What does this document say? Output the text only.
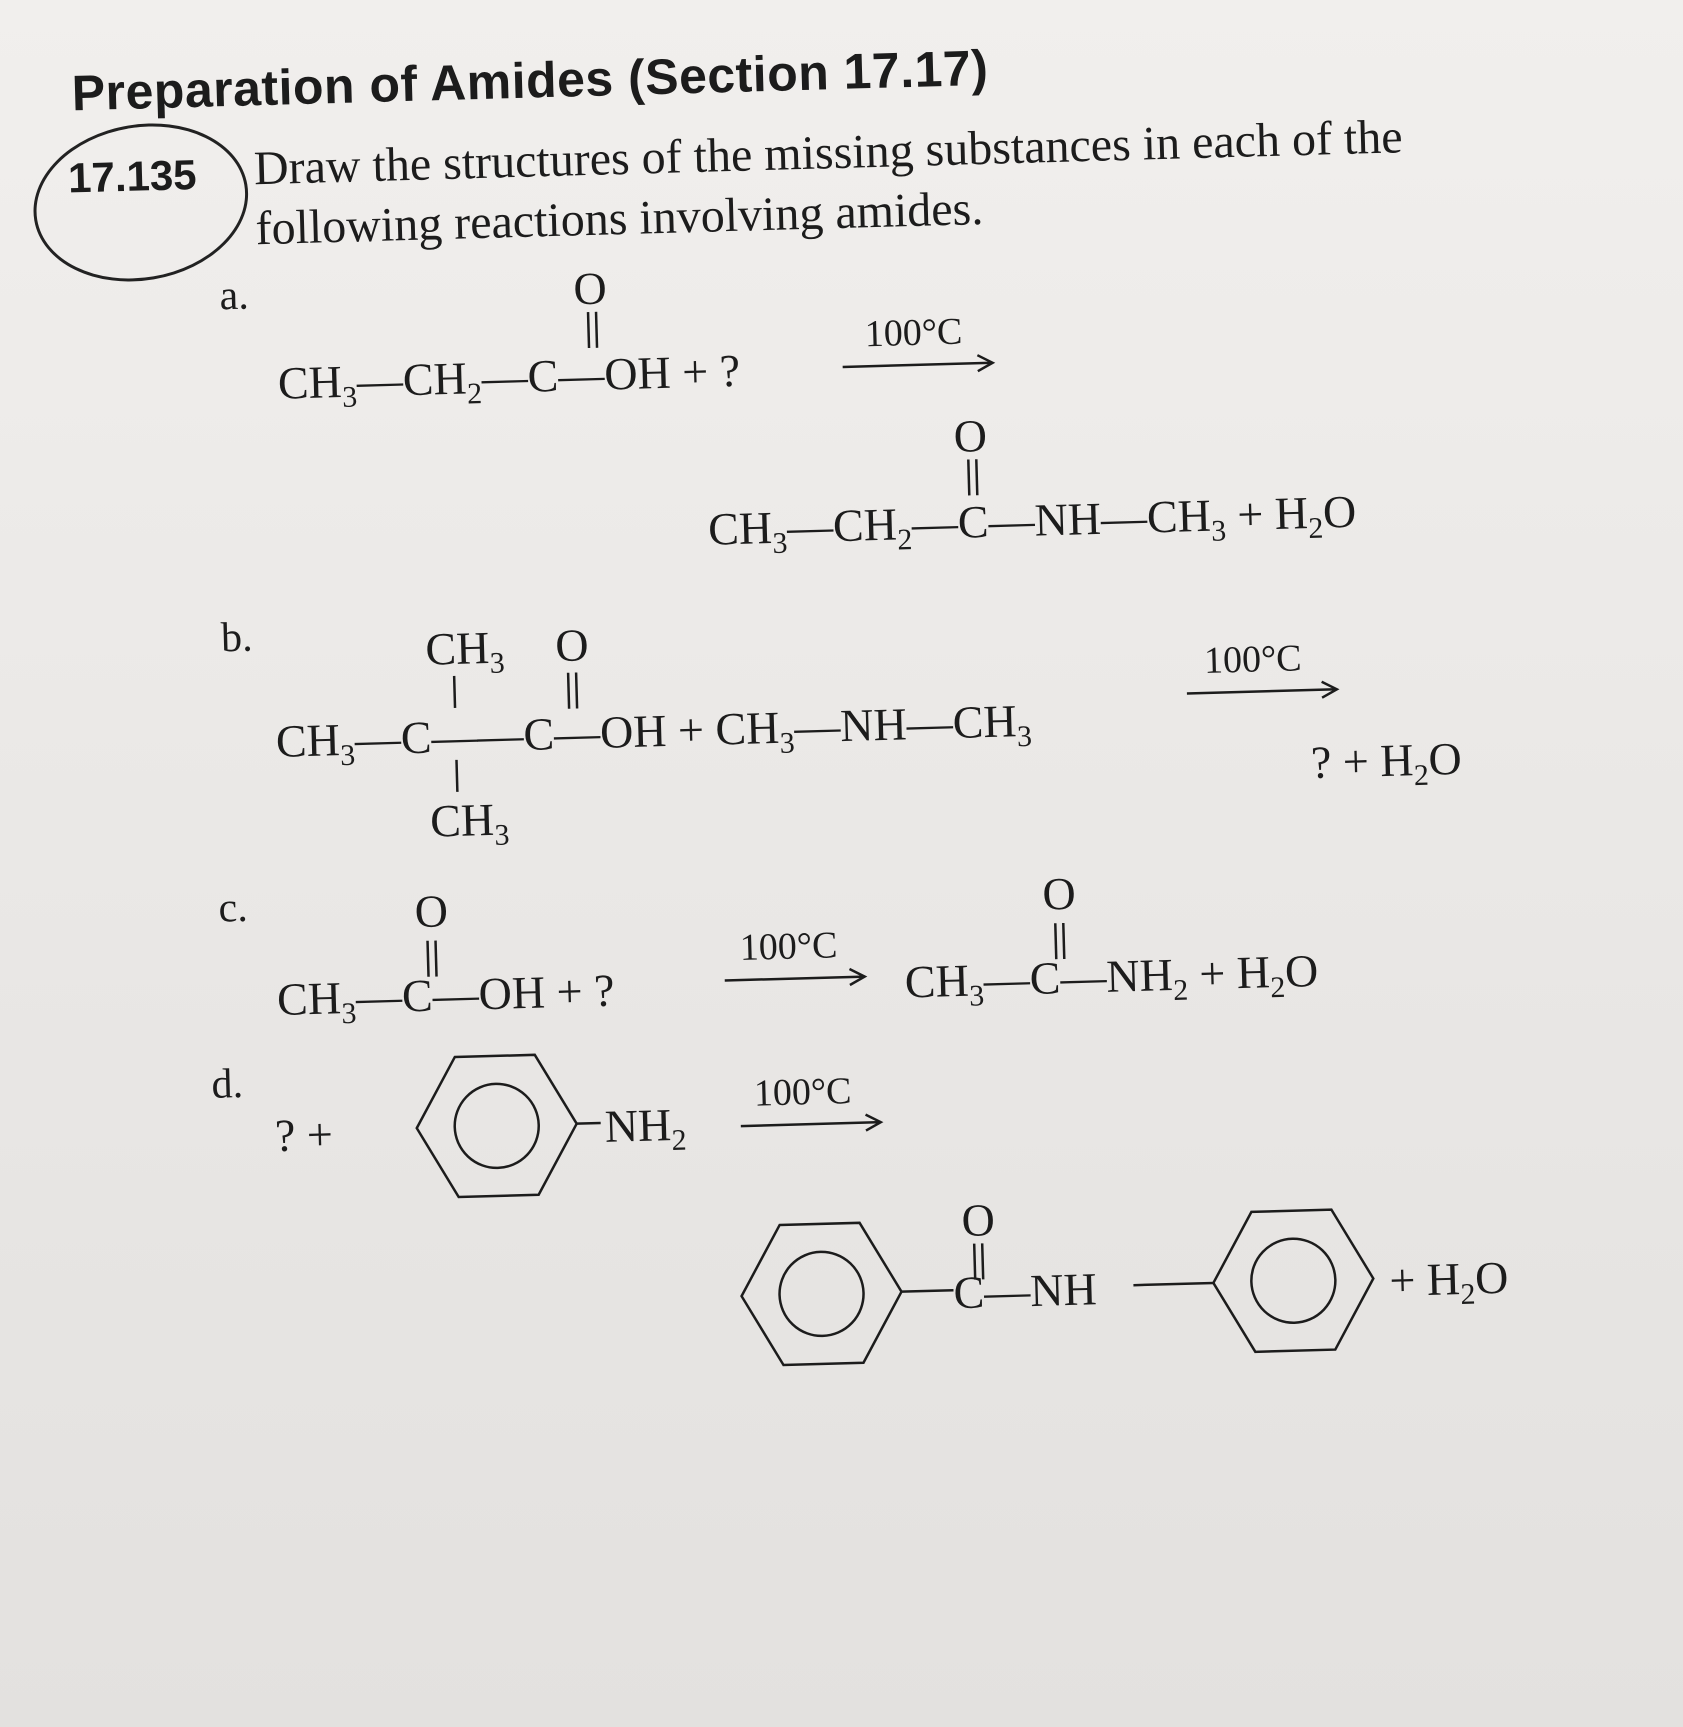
Preparation of Amides (Section 17.17)
17.135 Draw the structures of the missing substances in each of the following reactions involving amides.
a.
b.
c.
d.
O
$CH_3—CH_2—C—OH$ + ?
100°C
O
$CH_3—CH_2—C—NH—CH_3 + H_2O$
$CH_3$ O
$CH_3—C——C—OH$ + $CH_3—NH—CH_3$
$CH_3$
100°C
? + $H_2O$
O
$CH_3—C—OH$ + ?
100°C
O
$CH_3—C—NH_2 + H_2O$
? +	$NH_2$
100°C
O
C—NH	+ $H_2O$
